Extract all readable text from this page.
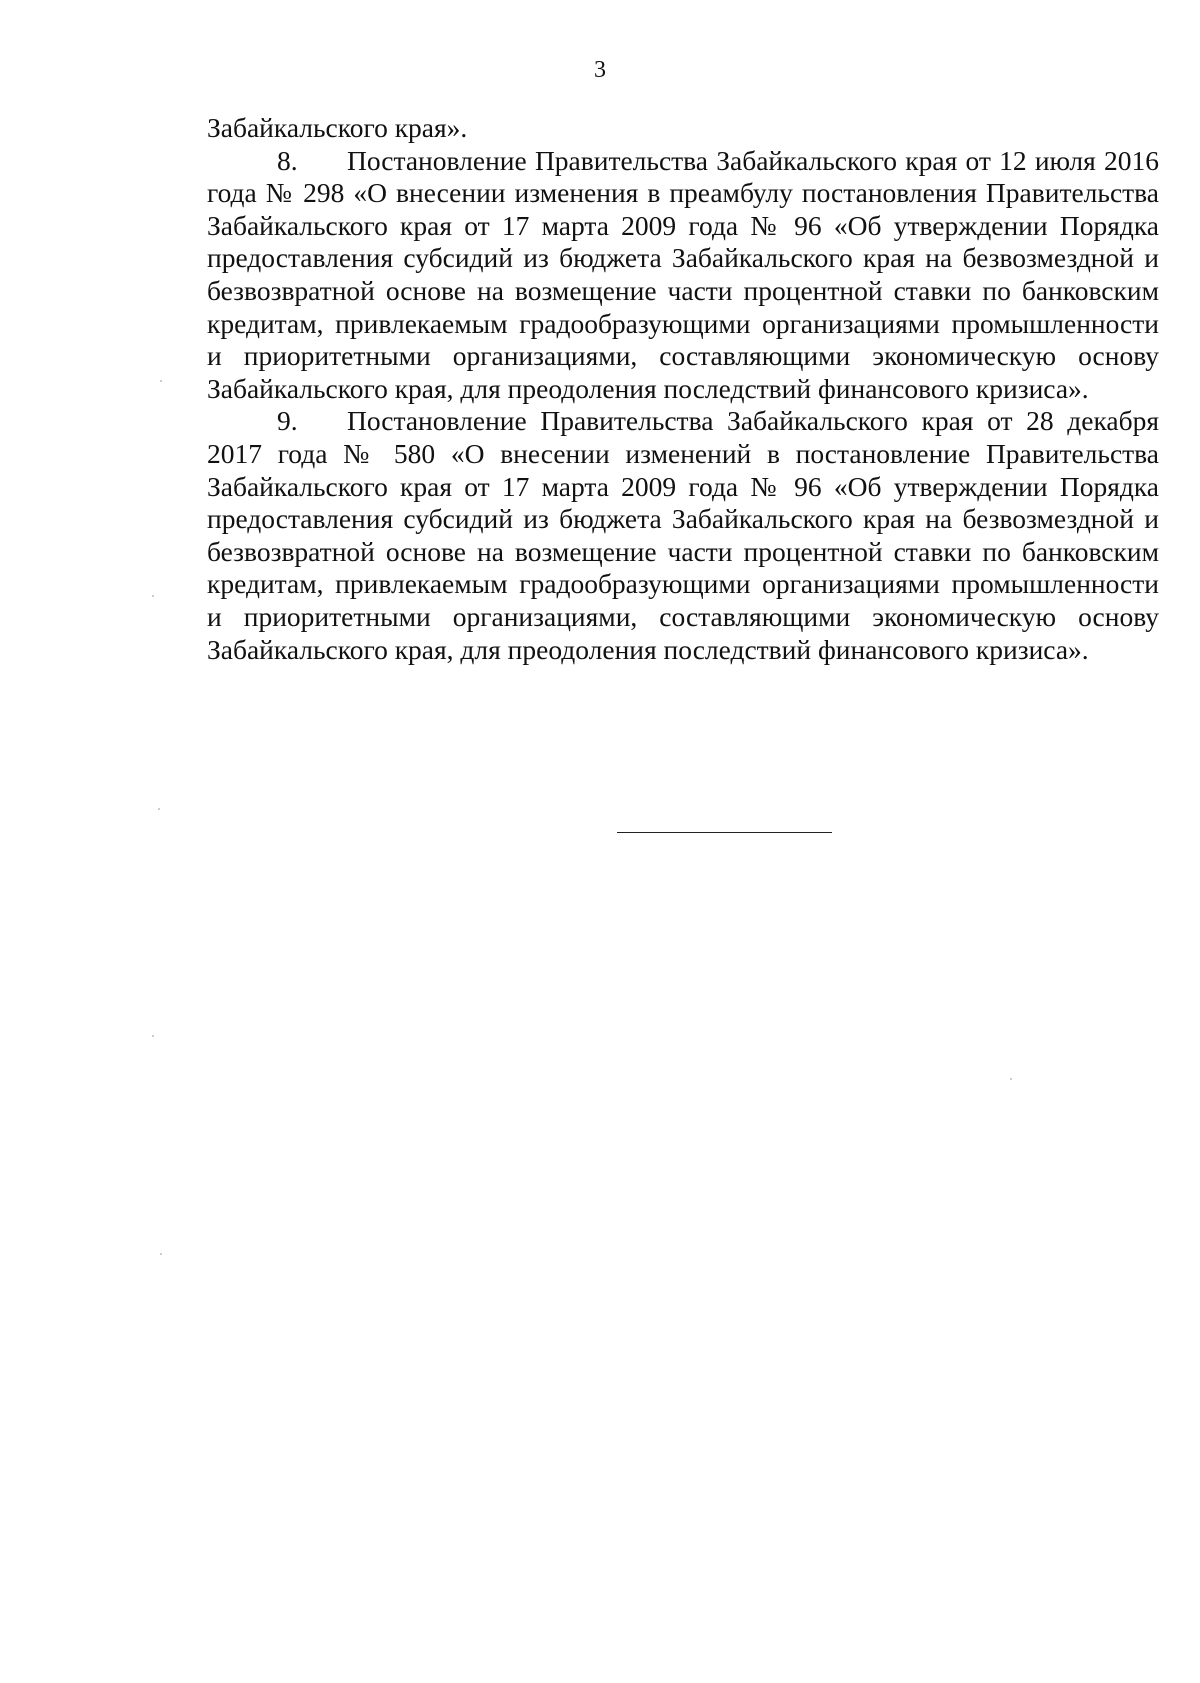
3

Забайкальского края».

8. Постановление Правительства Забайкальского края от 12 июля 2016 года № 298 «О внесении изменения в преамбулу постановления Правительства Забайкальского края от 17 марта 2009 года № 96 «Об утверждении Порядка предоставления субсидий из бюджета Забайкальского края на безвозмездной и безвозвратной основе на возмещение части процентной ставки по банковским кредитам, привлекаемым градообразующими организациями промышленности и приоритетными организациями, составляющими экономическую основу Забайкальского края, для преодоления последствий финансового кризиса».

9. Постановление Правительства Забайкальского края от 28 декабря 2017 года № 580 «О внесении изменений в постановление Правительства Забайкальского края от 17 марта 2009 года № 96 «Об утверждении Порядка предоставления субсидий из бюджета Забайкальского края на безвозмездной и безвозвратной основе на возмещение части процентной ставки по банковским кредитам, привлекаемым градообразующими организациями промышленности и приоритетными организациями, составляющими экономическую основу Забайкальского края, для преодоления последствий финансового кризиса».
